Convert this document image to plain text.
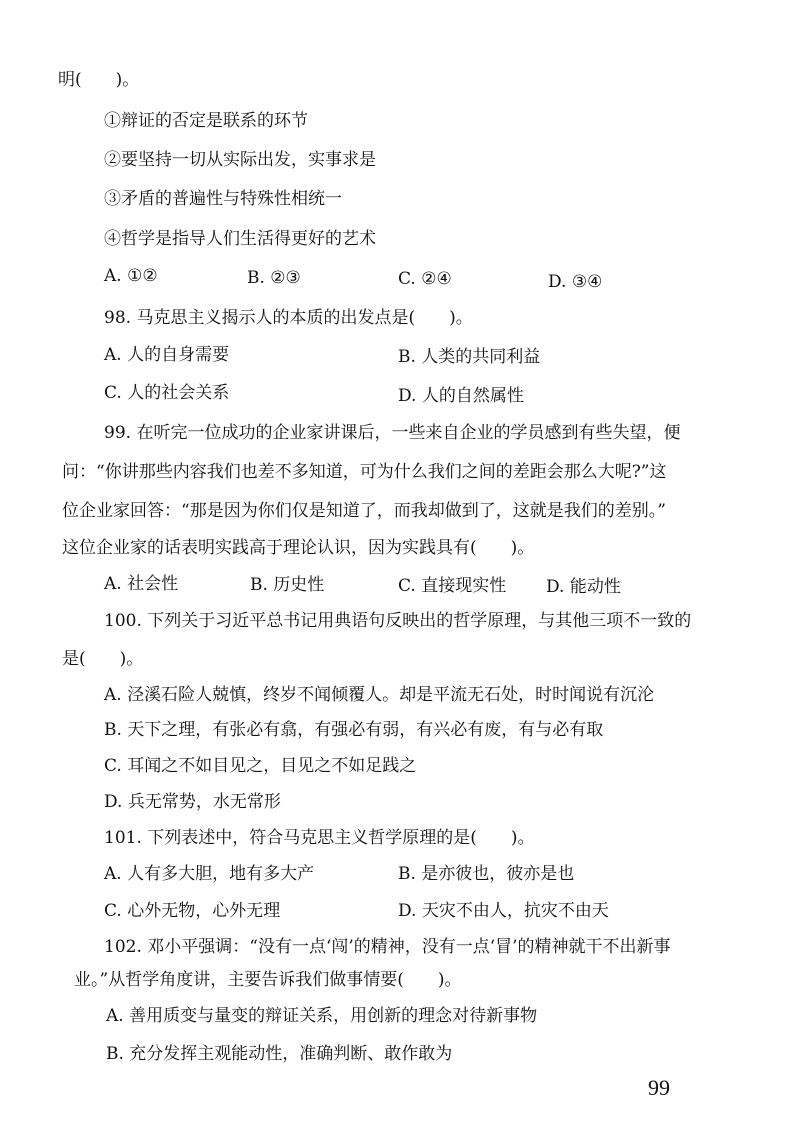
明(　　)。
①辩证的否定是联系的环节
②要坚持一切从实际出发，实事求是
③矛盾的普遍性与特殊性相统一
④哲学是指导人们生活得更好的艺术
A. ①②	B. ②③	C. ②④	D. ③④
98. 马克思主义揭示人的本质的出发点是(　　)。
A. 人的自身需要	B. 人类的共同利益
C. 人的社会关系	D. 人的自然属性
99. 在听完一位成功的企业家讲课后，一些来自企业的学员感到有些失望，便
问：“你讲那些内容我们也差不多知道，可为什么我们之间的差距会那么大呢?”这
位企业家回答：“那是因为你们仅是知道了，而我却做到了，这就是我们的差别。”
这位企业家的话表明实践高于理论认识，因为实践具有(　　)。
A. 社会性	B. 历史性	C. 直接现实性 D. 能动性
100. 下列关于习近平总书记用典语句反映出的哲学原理，与其他三项不一致的
是(　　)。
A. 泾溪石险人兢慎，终岁不闻倾覆人。却是平流无石处，时时闻说有沉沦
B. 天下之理，有张必有翕，有强必有弱，有兴必有废，有与必有取
C. 耳闻之不如目见之，目见之不如足践之
D. 兵无常势，水无常形
101. 下列表述中，符合马克思主义哲学原理的是(　　)。
A. 人有多大胆，地有多大产	B. 是亦彼也，彼亦是也
C. 心外无物，心外无理	D. 天灾不由人，抗灾不由天
102. 邓小平强调：“没有一点‘闯’的精神，没有一点‘冒’的精神就干不出新事
业。”从哲学角度讲，主要告诉我们做事情要(　　)。
A. 善用质变与量变的辩证关系，用创新的理念对待新事物
B. 充分发挥主观能动性，准确判断、敢作敢为
99
